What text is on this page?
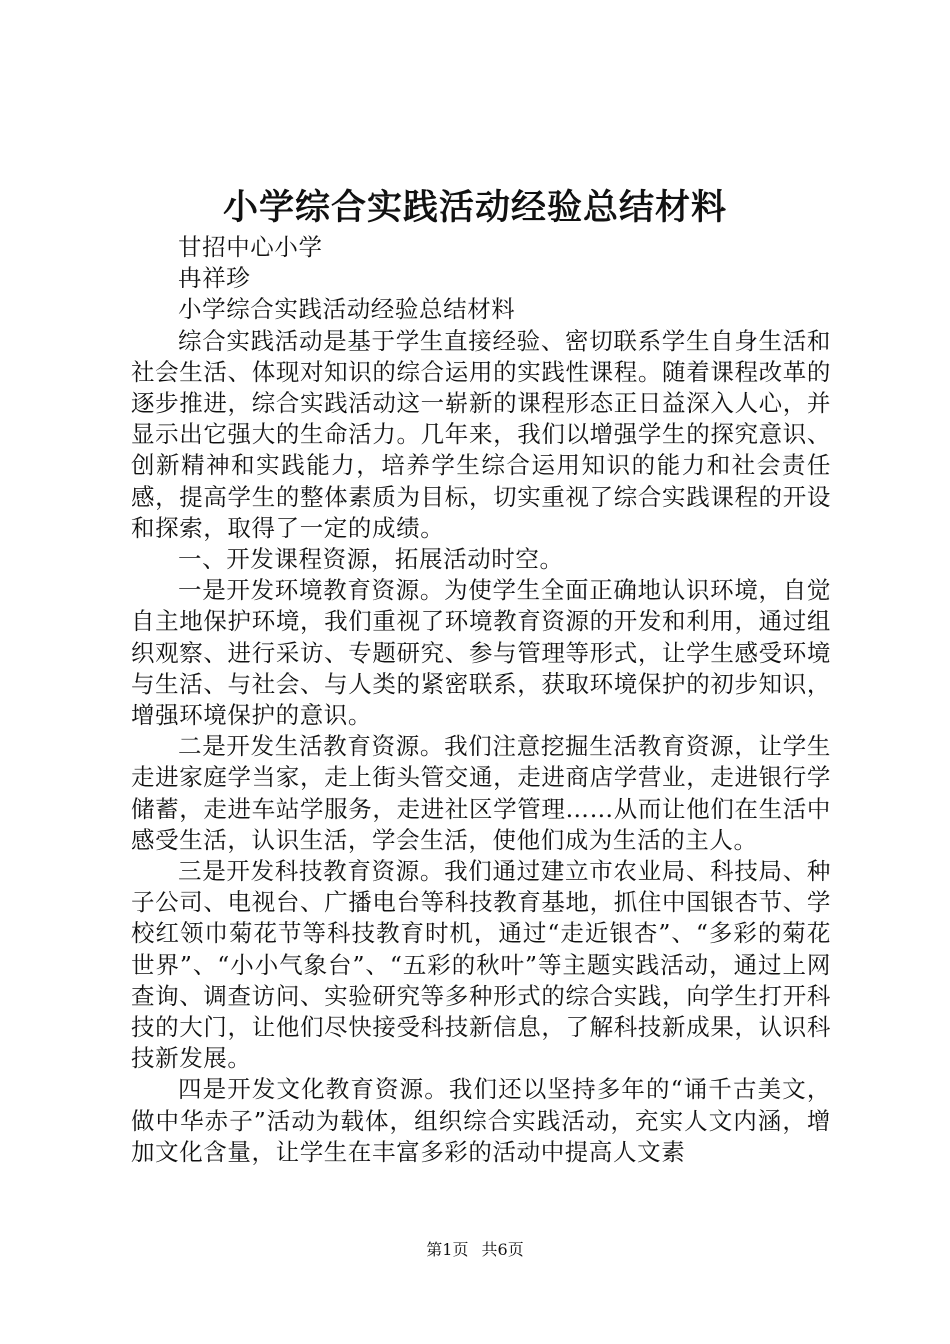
小学综合实践活动经验总结材料

甘招中心小学

冉祥珍

小学综合实践活动经验总结材料

综合实践活动是基于学生直接经验、密切联系学生自身生活和社会生活、体现对知识的综合运用的实践性课程。随着课程改革的逐步推进，综合实践活动这一崭新的课程形态正日益深入人心，并显示出它强大的生命活力。几年来，我们以增强学生的探究意识、创新精神和实践能力，培养学生综合运用知识的能力和社会责任感，提高学生的整体素质为目标，切实重视了综合实践课程的开设和探索，取得了一定的成绩。

一、开发课程资源，拓展活动时空。

一是开发环境教育资源。为使学生全面正确地认识环境，自觉自主地保护环境，我们重视了环境教育资源的开发和利用，通过组织观察、进行采访、专题研究、参与管理等形式，让学生感受环境与生活、与社会、与人类的紧密联系，获取环境保护的初步知识，增强环境保护的意识。

二是开发生活教育资源。我们注意挖掘生活教育资源，让学生走进家庭学当家，走上街头管交通，走进商店学营业，走进银行学储蓄，走进车站学服务，走进社区学管理……从而让他们在生活中感受生活，认识生活，学会生活，使他们成为生活的主人。

三是开发科技教育资源。我们通过建立市农业局、科技局、种子公司、电视台、广播电台等科技教育基地，抓住中国银杏节、学校红领巾菊花节等科技教育时机，通过“走近银杏”、“多彩的菊花世界”、“小小气象台”、“五彩的秋叶”等主题实践活动，通过上网查询、调查访问、实验研究等多种形式的综合实践，向学生打开科技的大门，让他们尽快接受科技新信息，了解科技新成果，认识科技新发展。

四是开发文化教育资源。我们还以坚持多年的“诵千古美文，做中华赤子”活动为载体，组织综合实践活动，充实人文内涵，增加文化含量，让学生在丰富多彩的活动中提高人文素

第1页 共6页
